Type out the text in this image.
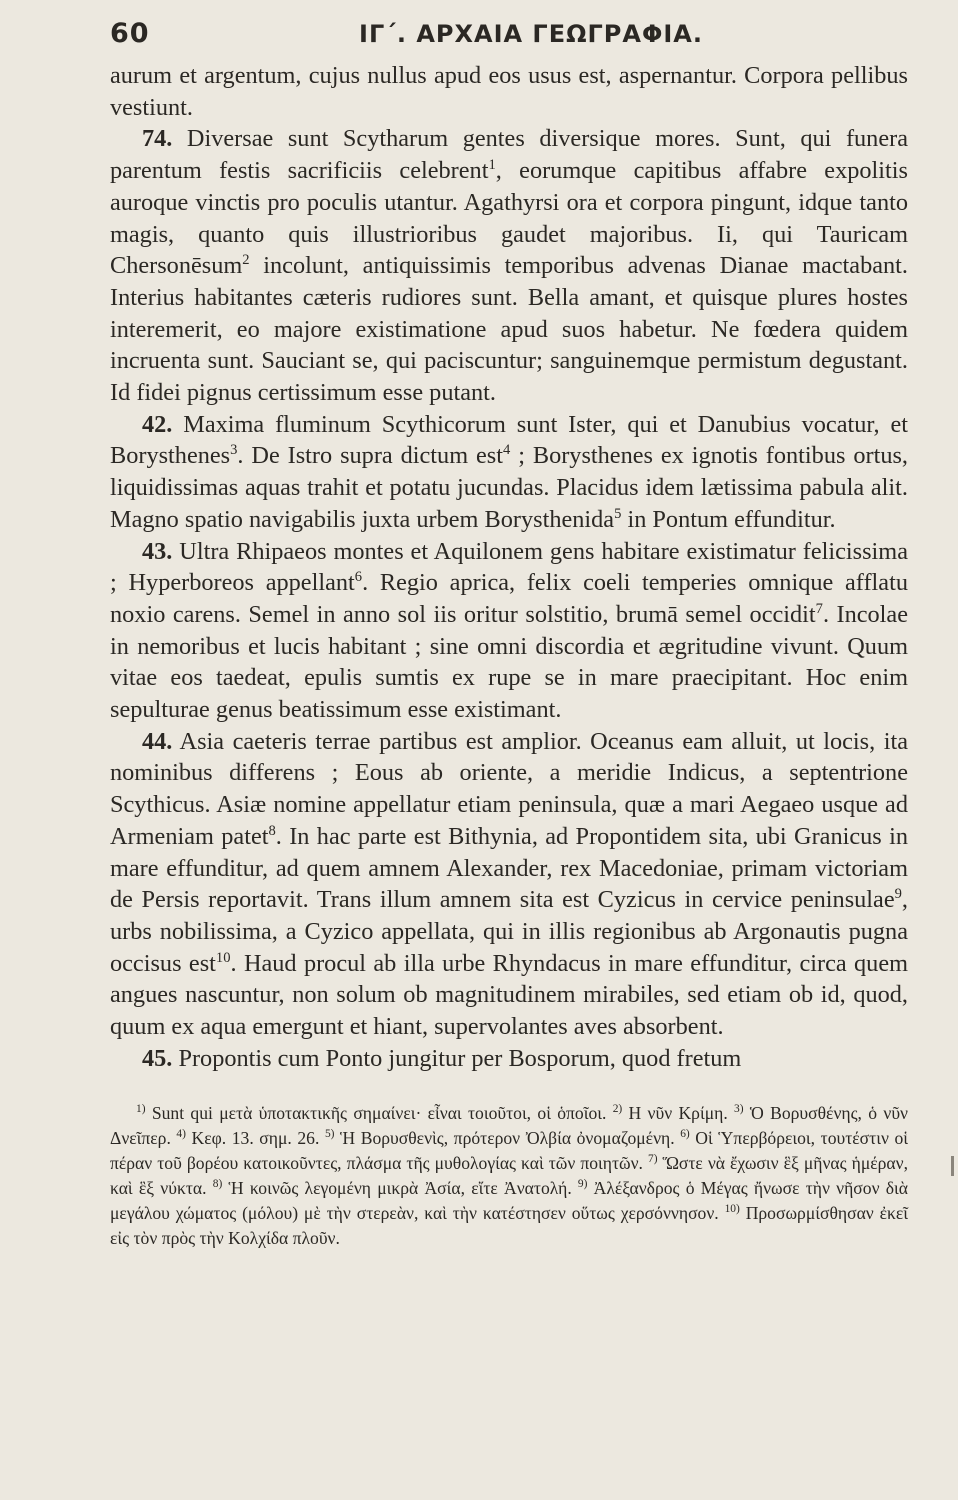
60	ΙΓ΄. ΑΡΧΑΙΑ ΓΕΩΓΡΑΦΙΑ.

aurum et argentum, cujus nullus apud eos usus est, aspernantur. Corpora pellibus vestiunt.

74. Diversae sunt Scytharum gentes diversique mores. Sunt, qui funera parentum festis sacrificiis celebrent$^1$, eorumque capitibus affabre expolitis auroque vinctis pro poculis utantur. Agathyrsi ora et corpora pingunt, idque tanto magis, quanto quis illustrioribus gaudet majoribus. Ii, qui Tauricam Chersonēsum$^2$ incolunt, antiquissimis temporibus advenas Dianae mactabant. Interius habitantes cæteris rudiores sunt. Bella amant, et quisque plures hostes interemerit, eo majore existimatione apud suos habetur. Ne fœdera quidem incruenta sunt. Sauciant se, qui paciscuntur; sanguinemque permistum degustant. Id fidei pignus certissimum esse putant.

42. Maxima fluminum Scythicorum sunt Ister, qui et Danubius vocatur, et Borysthenes$^3$. De Istro supra dictum est$^4$ ; Borysthenes ex ignotis fontibus ortus, liquidissimas aquas trahit et potatu jucundas. Placidus idem lætissima pabula alit. Magno spatio navigabilis juxta urbem Borysthenida$^5$ in Pontum effunditur.

43. Ultra Rhipaeos montes et Aquilonem gens habitare existimatur felicissima ; Hyperboreos appellant$^6$. Regio aprica, felix coeli temperies omnique afflatu noxio carens. Semel in anno sol iis oritur solstitio, brumā semel occidit$^7$. Incolae in nemoribus et lucis habitant ; sine omni discordia et ægritudine vivunt. Quum vitae eos taedeat, epulis sumtis ex rupe se in mare praecipitant. Hoc enim sepulturae genus beatissimum esse existimant.

44. Asia caeteris terrae partibus est amplior. Oceanus eam alluit, ut locis, ita nominibus differens ; Eous ab oriente, a meridie Indicus, a septentrione Scythicus. Asiæ nomine appellatur etiam peninsula, quæ a mari Aegaeo usque ad Armeniam patet$^8$. In hac parte est Bithynia, ad Propontidem sita, ubi Granicus in mare effunditur, ad quem amnem Alexander, rex Macedoniae, primam victoriam de Persis reportavit. Trans illum amnem sita est Cyzicus in cervice peninsulae$^9$, urbs nobilissima, a Cyzico appellata, qui in illis regionibus ab Argonautis pugna occisus est$^{10}$. Haud procul ab illa urbe Rhyndacus in mare effunditur, circa quem angues nascuntur, non solum ob magnitudinem mirabiles, sed etiam ob id, quod, quum ex aqua emergunt et hiant, supervolantes aves absorbent.

45. Propontis cum Ponto jungitur per Bosporum, quod fretum

$^{1)}$ Sunt qui μετὰ ὑποτακτικῆς σημαίνει· εἶναι τοιοῦτοι, οἱ ὁποῖοι. $^{2)}$ Η νῦν Κρίμη. $^{3)}$ Ὁ Βορυσθένης, ὁ νῦν Δνεῖπερ. $^{4)}$ Κεφ. 13. σημ. 26. $^{5)}$ Ἡ Βορυσθενὶς, πρότερον Ὀλβία ὀνομαζομένη. $^{6)}$ Οἱ Ὑπερβόρειοι, τουτέστιν οἱ πέραν τοῦ βορέου κατοικοῦντες, πλάσμα τῆς μυθολογίας καὶ τῶν ποιητῶν. $^{7)}$ Ὥστε νὰ ἔχωσιν ἓξ μῆνας ἡμέραν, καὶ ἓξ νύκτα. $^{8)}$ Ἡ κοινῶς λεγομένη μικρὰ Ἀσία, εἴτε Ἀνατολή. $^{9)}$ Ἀλέξανδρος ὁ Μέγας ἤνωσε τὴν νῆσον διὰ μεγάλου χώματος (μόλου) μὲ τὴν στερεὰν, καὶ τὴν κατέστησεν οὕτως χερσόννησον. $^{10)}$ Προσωρμίσθησαν ἐκεῖ εἰς τὸν πρὸς τὴν Κολχίδα πλοῦν.
